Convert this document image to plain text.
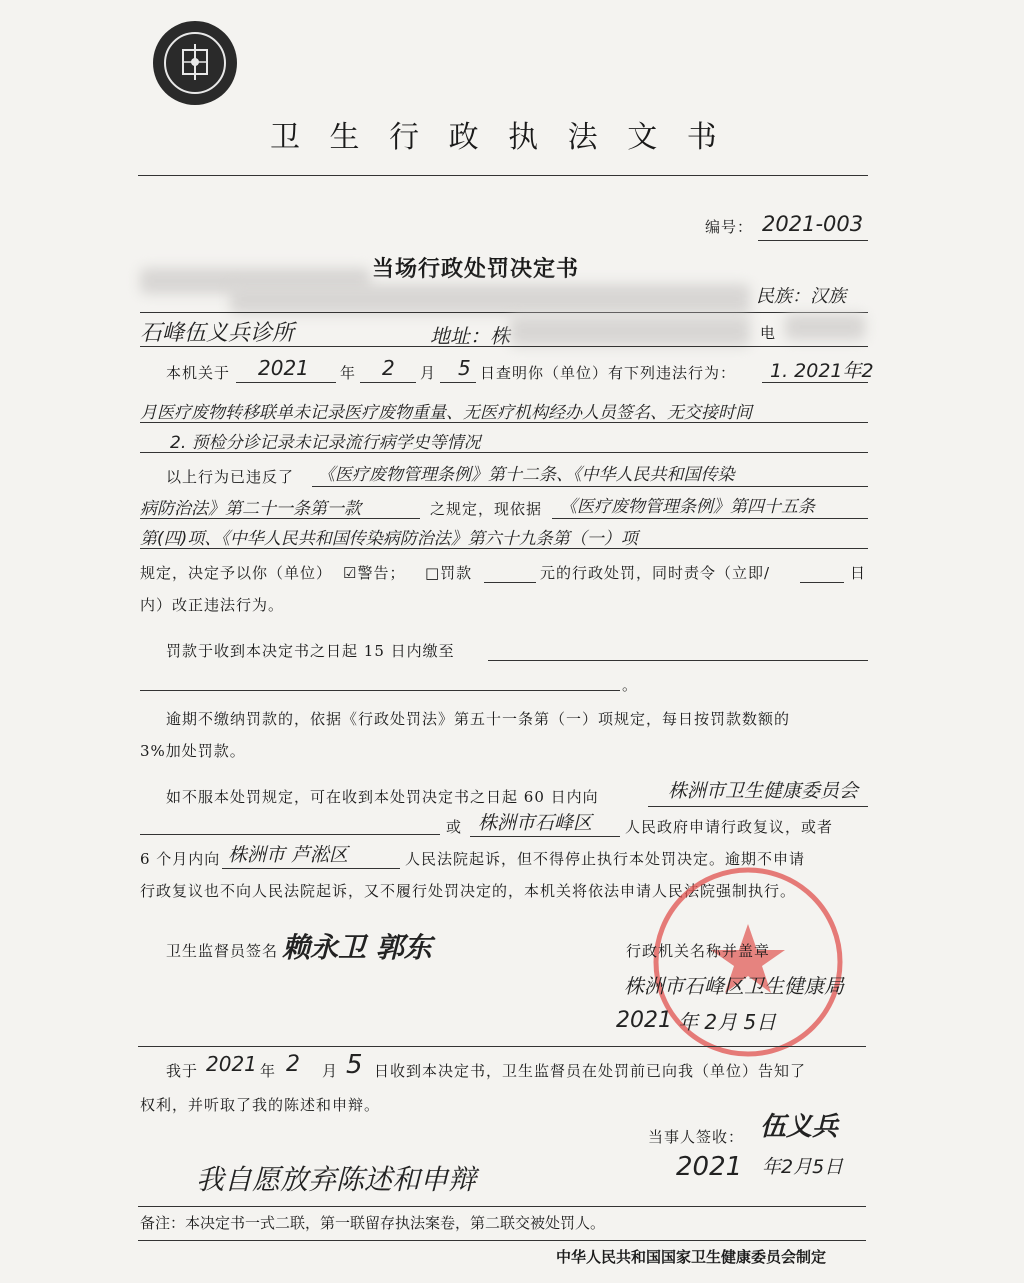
卫 生 行 政 执 法 文 书
编号： 2021-003
当场行政处罚决定书
民族：汉族
石峰伍义兵诊所	地址：株	电
本机关于 2021 年 2 月 5 日查明你（单位）有下列违法行为： 1. 2021年2
月医疗废物转移联单未记录医疗废物重量、无医疗机构经办人员签名、无交接时间
2. 预检分诊记录未记录流行病学史等情况
以上行为已违反了 《医疗废物管理条例》第十二条、《中华人民共和国传染
病防治法》第二十一条第一款	之规定，现依据 《医疗废物管理条例》第四十五条
第(四)项、《中华人民共和国传染病防治法》第六十九条第（一）项
规定，决定予以你（单位） ☑警告； □罚款	元的行政处罚，同时责令（立即/	日
内）改正违法行为。
罚款于收到本决定书之日起 15 日内缴至
。
逾期不缴纳罚款的，依据《行政处罚法》第五十一条第（一）项规定，每日按罚款数额的
3%加处罚款。
如不服本处罚规定，可在收到本处罚决定书之日起 60 日内向	株洲市卫生健康委员会
或 株洲市石峰区 人民政府申请行政复议，或者
6 个月内向 株洲市 芦淞区	人民法院起诉，但不得停止执行本处罚决定。逾期不申请
行政复议也不向人民法院起诉，又不履行处罚决定的，本机关将依法申请人民法院强制执行。
卫生监督员签名 赖永卫 郭东	行政机关名称并盖章
株洲市石峰区卫生健康局
2021 年 2月 5日
我于 2021 年 2 月 5 日收到本决定书，卫生监督员在处罚前已向我（单位）告知了
权利，并听取了我的陈述和申辩。
当事人签收： 伍义兵
我自愿放弃陈述和申辩	2021 年2月5日
备注：本决定书一式二联，第一联留存执法案卷，第二联交被处罚人。
中华人民共和国国家卫生健康委员会制定
